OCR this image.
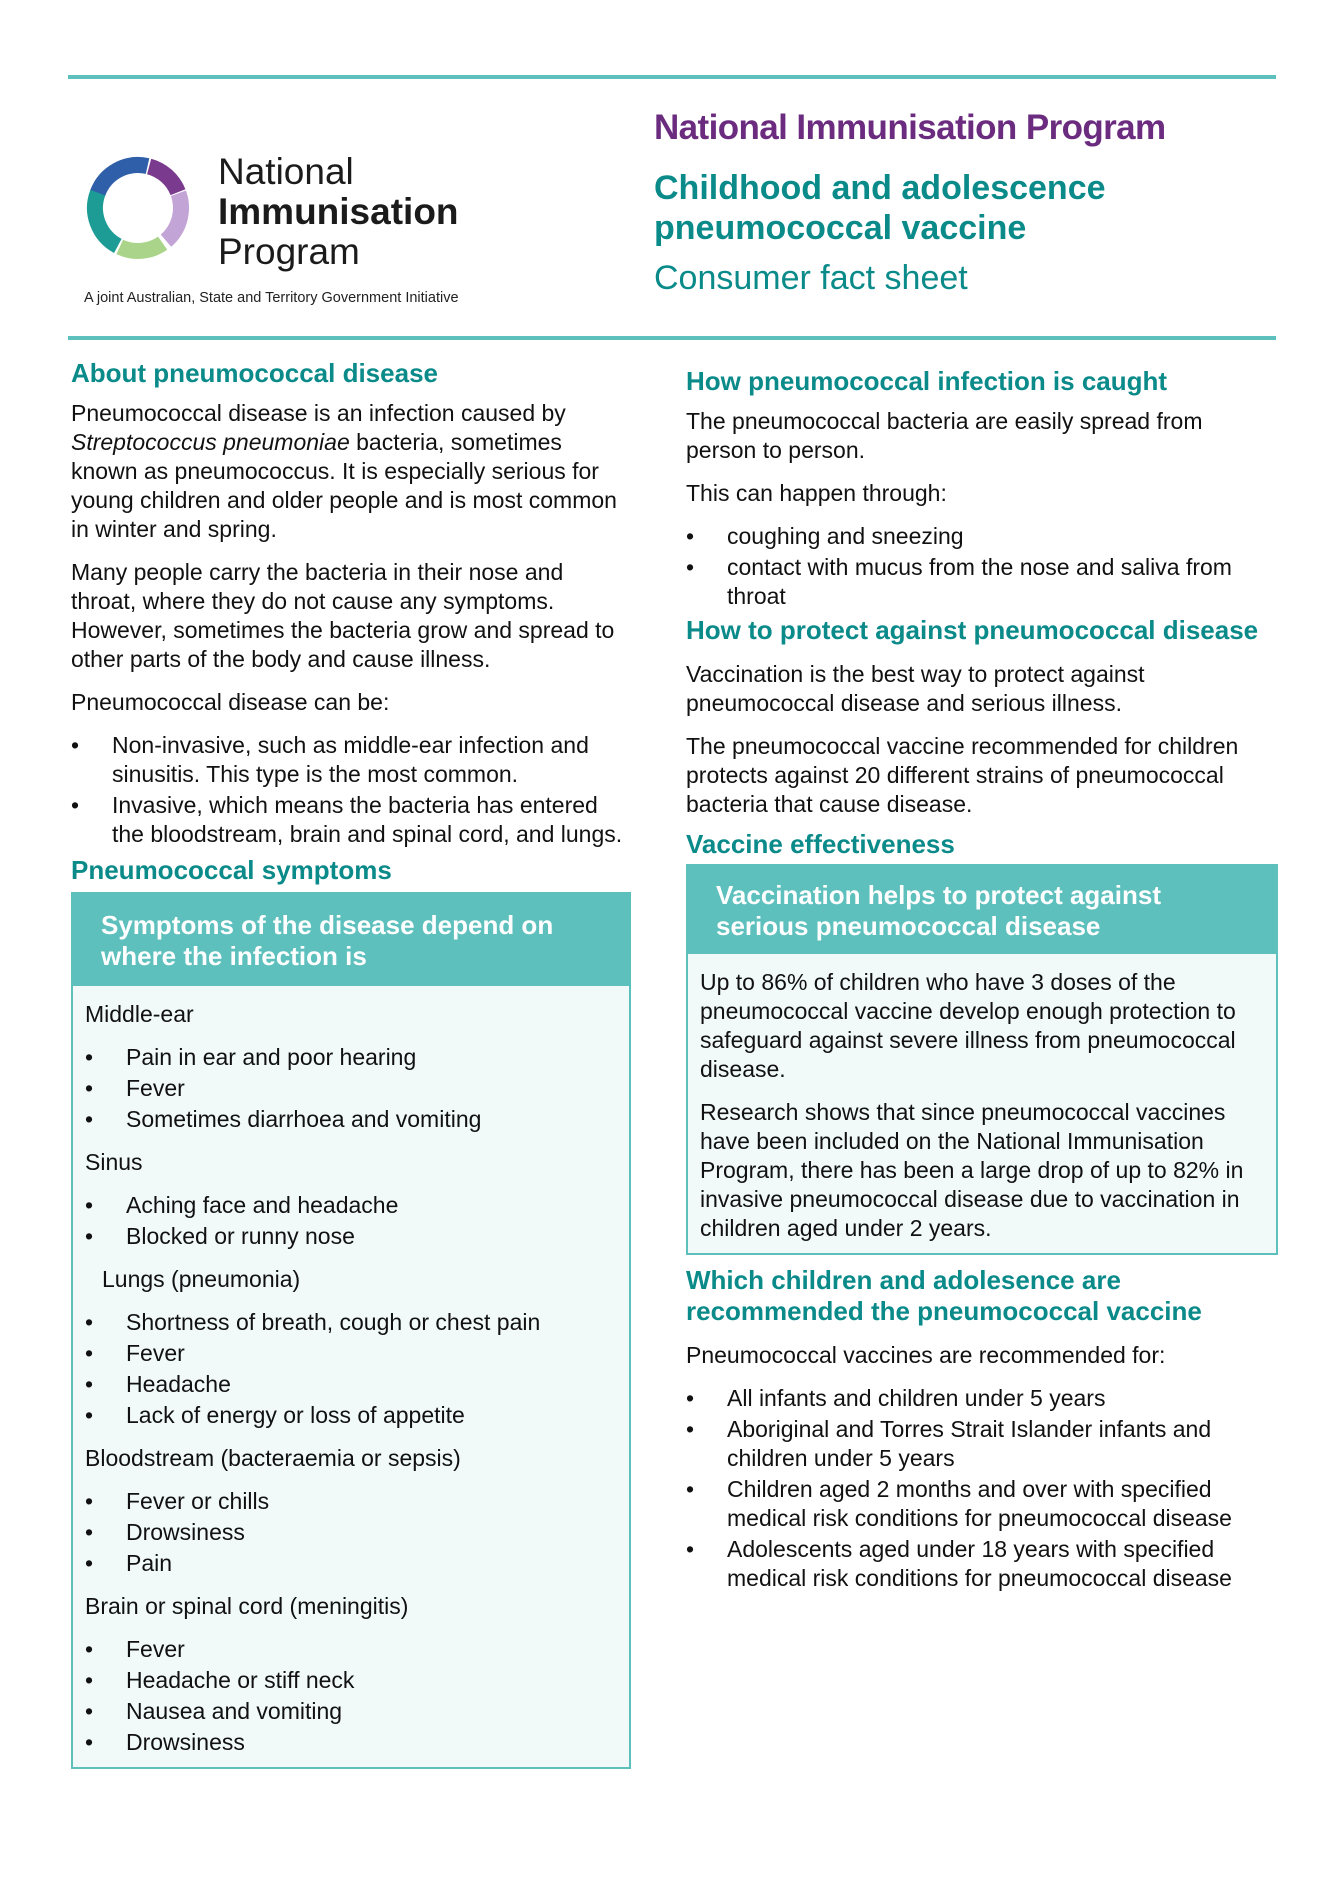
National
Immunisation
Program
A joint Australian, State and Territory Government Initiative
National Immunisation Program
Childhood and adolescence
pneumococcal vaccine
Consumer fact sheet
About pneumococcal disease

Pneumococcal disease is an infection caused by Streptococcus pneumoniae bacteria, sometimes known as pneumococcus. It is especially serious for young children and older people and is most common in winter and spring.

Many people carry the bacteria in their nose and throat, where they do not cause any symptoms. However, sometimes the bacteria grow and spread to other parts of the body and cause illness.

Pneumococcal disease can be:

• Non-invasive, such as middle-ear infection and sinusitis. This type is the most common.
• Invasive, which means the bacteria has entered the bloodstream, brain and spinal cord, and lungs.
Pneumococcal symptoms
Symptoms of the disease depend on where the infection is
Middle-ear
• Pain in ear and poor hearing
• Fever
• Sometimes diarrhoea and vomiting
Sinus
• Aching face and headache
• Blocked or runny nose
Lungs (pneumonia)
• Shortness of breath, cough or chest pain
• Fever
• Headache
• Lack of energy or loss of appetite
Bloodstream (bacteraemia or sepsis)
• Fever or chills
• Drowsiness
• Pain
Brain or spinal cord (meningitis)
• Fever
• Headache or stiff neck
• Nausea and vomiting
• Drowsiness
How pneumococcal infection is caught

The pneumococcal bacteria are easily spread from person to person.

This can happen through:

• coughing and sneezing
• contact with mucus from the nose and saliva from throat
How to protect against pneumococcal disease

Vaccination is the best way to protect against pneumococcal disease and serious illness.

The pneumococcal vaccine recommended for children protects against 20 different strains of pneumococcal bacteria that cause disease.

Vaccine effectiveness
Vaccination helps to protect against serious pneumococcal disease

Up to 86% of children who have 3 doses of the pneumococcal vaccine develop enough protection to safeguard against severe illness from pneumococcal disease.

Research shows that since pneumococcal vaccines have been included on the National Immunisation Program, there has been a large drop of up to 82% in invasive pneumococcal disease due to vaccination in children aged under 2 years.

Which children and adolesence are recommended the pneumococcal vaccine

Pneumococcal vaccines are recommended for:

• All infants and children under 5 years
• Aboriginal and Torres Strait Islander infants and children under 5 years
• Children aged 2 months and over with specified medical risk conditions for pneumococcal disease
• Adolescents aged under 18 years with specified medical risk conditions for pneumococcal disease
